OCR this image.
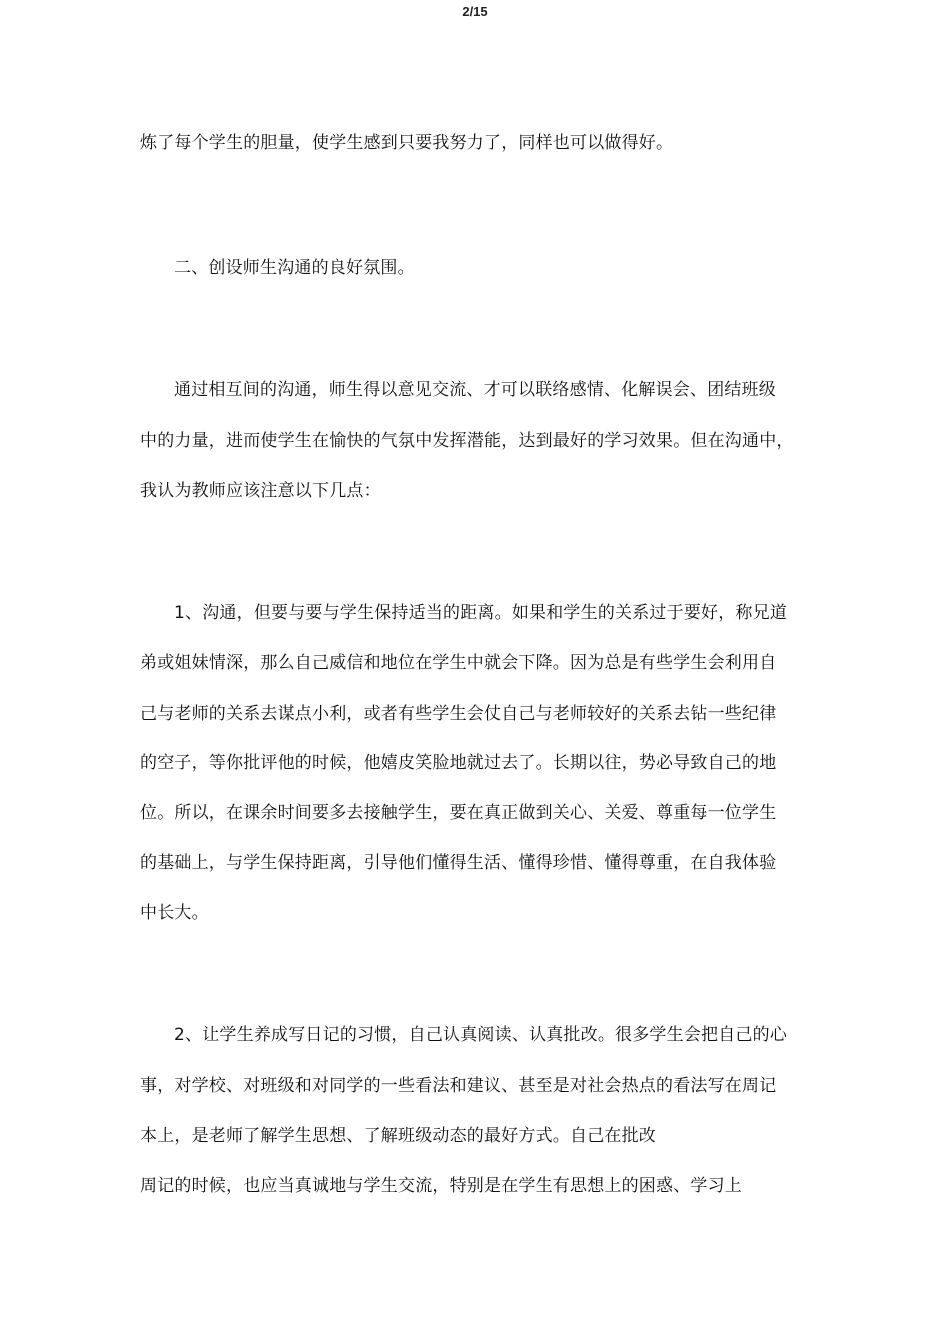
2/15
炼了每个学生的胆量，使学生感到只要我努力了，同样也可以做得好。
二、创设师生沟通的良好氛围。
通过相互间的沟通，师生得以意见交流、才可以联络感情、化解误会、团结班级
中的力量，进而使学生在愉快的气氛中发挥潜能，达到最好的学习效果。但在沟通中，
我认为教师应该注意以下几点：
1、沟通，但要与要与学生保持适当的距离。如果和学生的关系过于要好，称兄道
弟或姐妹情深，那么自己威信和地位在学生中就会下降。因为总是有些学生会利用自
己与老师的关系去谋点小利，或者有些学生会仗自己与老师较好的关系去钻一些纪律
的空子，等你批评他的时候，他嬉皮笑脸地就过去了。长期以往，势必导致自己的地
位。所以，在课余时间要多去接触学生，要在真正做到关心、关爱、尊重每一位学生
的基础上，与学生保持距离，引导他们懂得生活、懂得珍惜、懂得尊重，在自我体验
中长大。
2、让学生养成写日记的习惯，自己认真阅读、认真批改。很多学生会把自己的心
事，对学校、对班级和对同学的一些看法和建议、甚至是对社会热点的看法写在周记
本上，是老师了解学生思想、了解班级动态的最好方式。自己在批改
周记的时候，也应当真诚地与学生交流，特别是在学生有思想上的困惑、学习上
